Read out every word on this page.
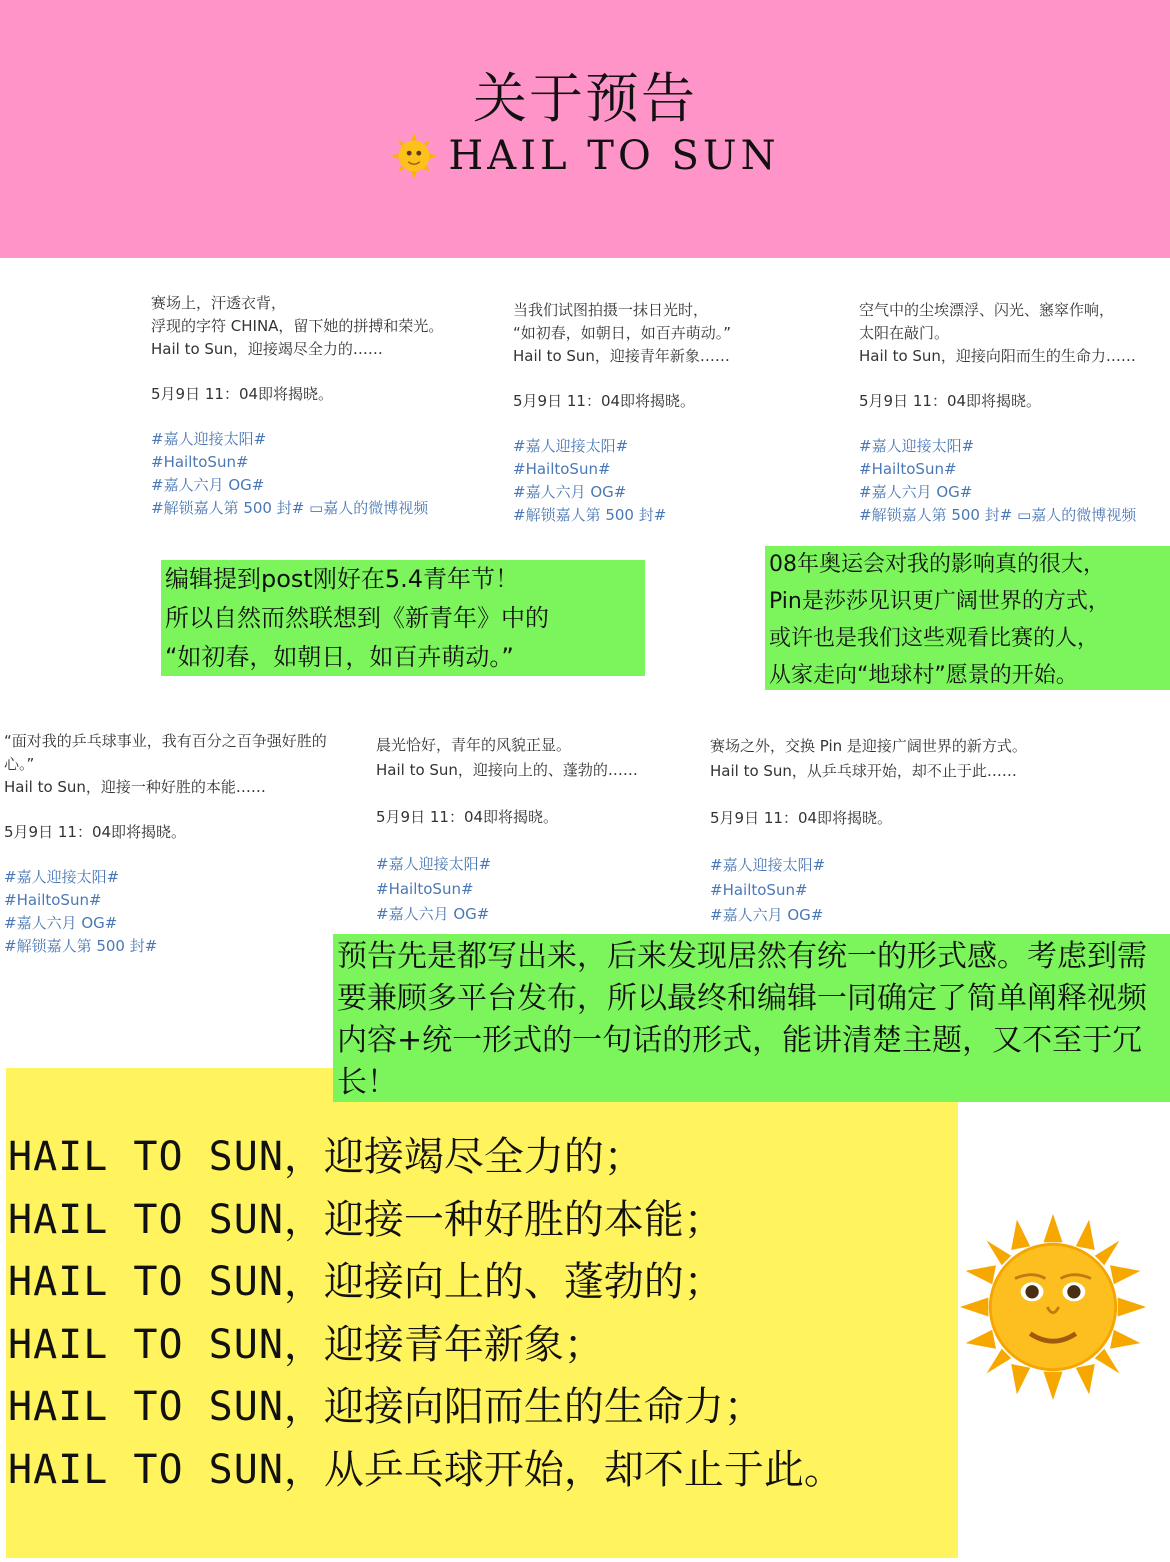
关于预告
HAIL TO SUN
赛场上，汗透衣背，
浮现的字符 CHINA，留下她的拼搏和荣光。
Hail to Sun，迎接竭尽全力的……
5月9日 11：04即将揭晓。
#嘉人迎接太阳#
#HailtoSun#
#嘉人六月 OG#
#解锁嘉人第 500 封# ▭嘉人的微博视频
当我们试图拍摄一抹日光时，
“如初春，如朝日，如百卉萌动。”
Hail to Sun，迎接青年新象……
5月9日 11：04即将揭晓。
#嘉人迎接太阳#
#HailtoSun#
#嘉人六月 OG#
#解锁嘉人第 500 封#
空气中的尘埃漂浮、闪光、窸窣作响，
太阳在敲门。
Hail to Sun，迎接向阳而生的生命力……
5月9日 11：04即将揭晓。
#嘉人迎接太阳#
#HailtoSun#
#嘉人六月 OG#
#解锁嘉人第 500 封# ▭嘉人的微博视频
“面对我的乒乓球事业，我有百分之百争强好胜的
心。”
Hail to Sun，迎接一种好胜的本能……
5月9日 11：04即将揭晓。
#嘉人迎接太阳#
#HailtoSun#
#嘉人六月 OG#
#解锁嘉人第 500 封#
晨光恰好，青年的风貌正显。
Hail to Sun，迎接向上的、蓬勃的……
5月9日 11：04即将揭晓。
#嘉人迎接太阳#
#HailtoSun#
#嘉人六月 OG#
赛场之外，交换 Pin 是迎接广阔世界的新方式。
Hail to Sun，从乒乓球开始，却不止于此……
5月9日 11：04即将揭晓。
#嘉人迎接太阳#
#HailtoSun#
#嘉人六月 OG#
编辑提到post刚好在5.4青年节！
所以自然而然联想到《新青年》中的
“如初春，如朝日，如百卉萌动。”
08年奥运会对我的影响真的很大，
Pin是莎莎见识更广阔世界的方式，
或许也是我们这些观看比赛的人，
从家走向“地球村”愿景的开始。
预告先是都写出来，后来发现居然有统一的形式感。考虑到需要兼顾多平台发布，所以最终和编辑一同确定了简单阐释视频内容+统一形式的一句话的形式，能讲清楚主题，又不至于冗长！
HAIL TO SUN ，迎接竭尽全力的；
HAIL TO SUN ，迎接一种好胜的本能；
HAIL TO SUN ，迎接向上的、蓬勃的；
HAIL TO SUN ，迎接青年新象；
HAIL TO SUN ，迎接向阳而生的生命力；
HAIL TO SUN ，从乒乓球开始，却不止于此。
